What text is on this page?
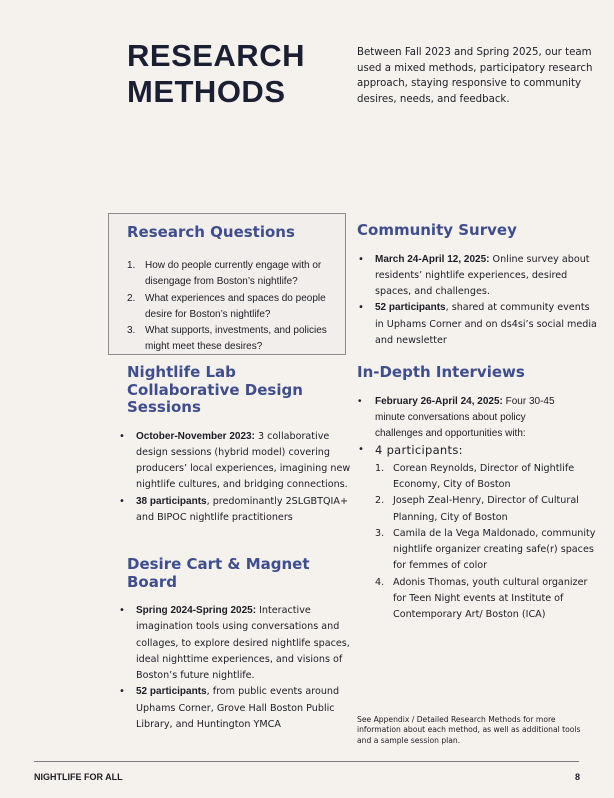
RESEARCH
METHODS

Between Fall 2023 and Spring 2025, our team used a mixed methods, participatory research approach, staying responsive to community desires, needs, and feedback.

Research Questions
1. How do people currently engage with or disengage from Boston’s nightlife?
2. What experiences and spaces do people desire for Boston’s nightlife?
3. What supports, investments, and policies might meet these desires?
Community Survey
• March 24-April 12, 2025: Online survey about residents’ nightlife experiences, desired spaces, and challenges.
• 52 participants, shared at community events in Uphams Corner and on ds4si’s social media and newsletter
Nightlife Lab Collaborative Design Sessions
• October-November 2023: 3 collaborative design sessions (hybrid model) covering producers’ local experiences, imagining new nightlife cultures, and bridging connections.
• 38 participants, predominantly 2SLGBTQIA+ and BIPOC nightlife practitioners
Desire Cart & Magnet Board
• Spring 2024-Spring 2025: Interactive imagination tools using conversations and collages, to explore desired nightlife spaces, ideal nighttime experiences, and visions of Boston’s future nightlife.
• 52 participants, from public events around Uphams Corner, Grove Hall Boston Public Library, and Huntington YMCA
In-Depth Interviews
• February 26-April 24, 2025: Four 30-45 minute conversations about policy challenges and opportunities with:
• 4 participants:
1. Corean Reynolds, Director of Nightlife Economy, City of Boston
2. Joseph Zeal-Henry, Director of Cultural Planning, City of Boston
3. Camila de la Vega Maldonado, community nightlife organizer creating safe(r) spaces for femmes of color
4. Adonis Thomas, youth cultural organizer for Teen Night events at Institute of Contemporary Art/ Boston (ICA)

See Appendix / Detailed Research Methods for more information about each method, as well as additional tools and a sample session plan.

NIGHTLIFE FOR ALL	8
